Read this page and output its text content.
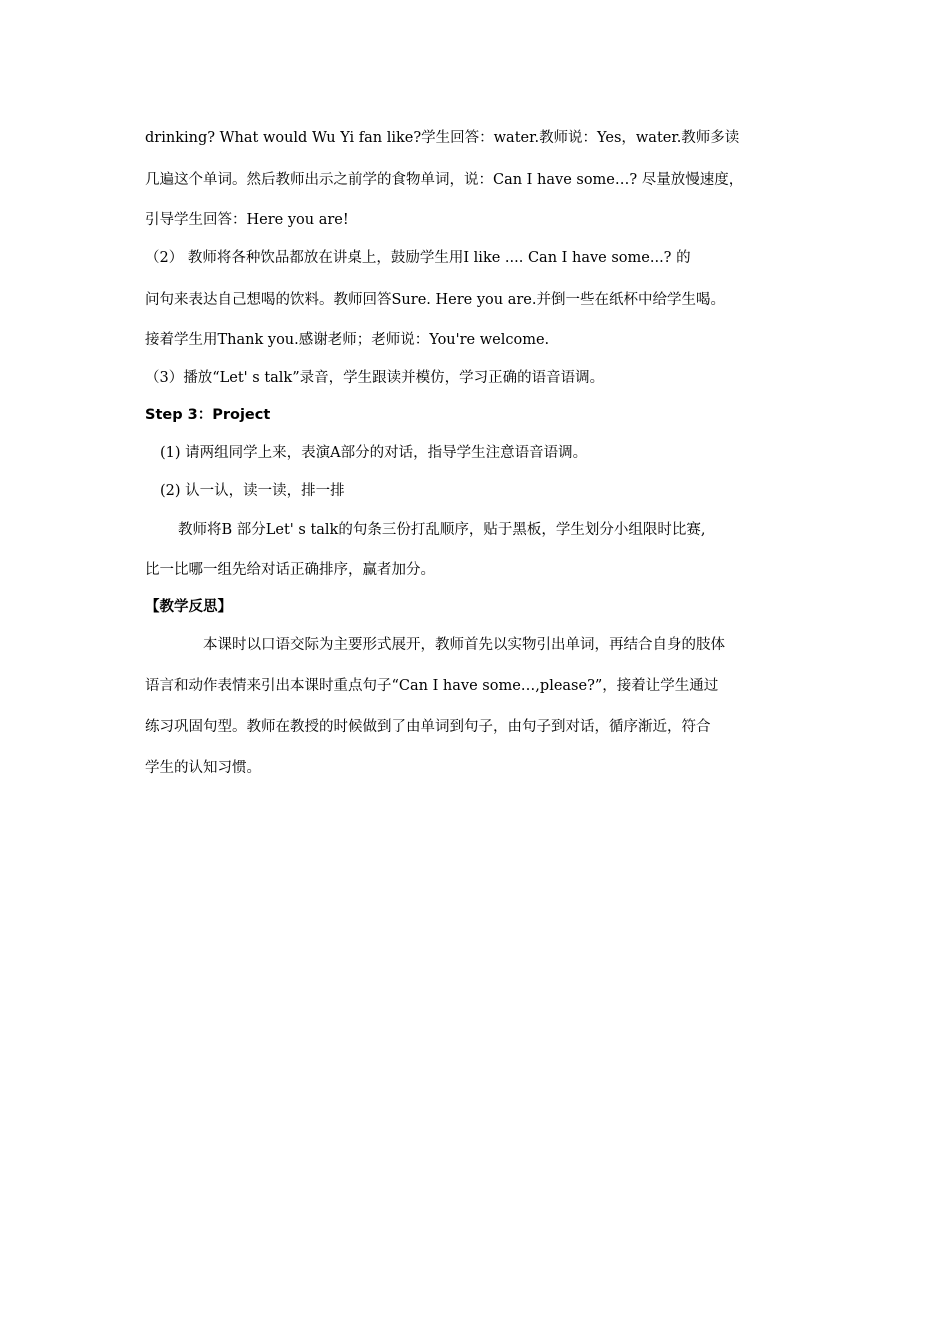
drinking? What would Wu Yi fan like?学生回答：water.教师说：Yes，water.教师多读
几遍这个单词。然后教师出示之前学的食物单词，说：Can I have some…? 尽量放慢速度，
引导学生回答：Here you are!
（2） 教师将各种饮品都放在讲桌上，鼓励学生用I like .... Can I have some...? 的
问句来表达自己想喝的饮料。教师回答Sure. Here you are.并倒一些在纸杯中给学生喝。
接着学生用Thank you.感谢老师；老师说：You're welcome.
（3）播放“Let' s talk”录音，学生跟读并模仿，学习正确的语音语调。
Step 3：Project
(1) 请两组同学上来，表演A部分的对话，指导学生注意语音语调。
(2) 认一认，读一读，排一排
教师将B 部分Let' s talk的句条三份打乱顺序，贴于黑板，学生划分小组限时比赛,
比一比哪一组先给对话正确排序，赢者加分。
【教学反思】
本课时以口语交际为主要形式展开，教师首先以实物引出单词，再结合自身的肢体
语言和动作表情来引出本课时重点句子“Can I have some…,please?”，接着让学生通过
练习巩固句型。教师在教授的时候做到了由单词到句子，由句子到对话，循序渐近，符合
学生的认知习惯。
